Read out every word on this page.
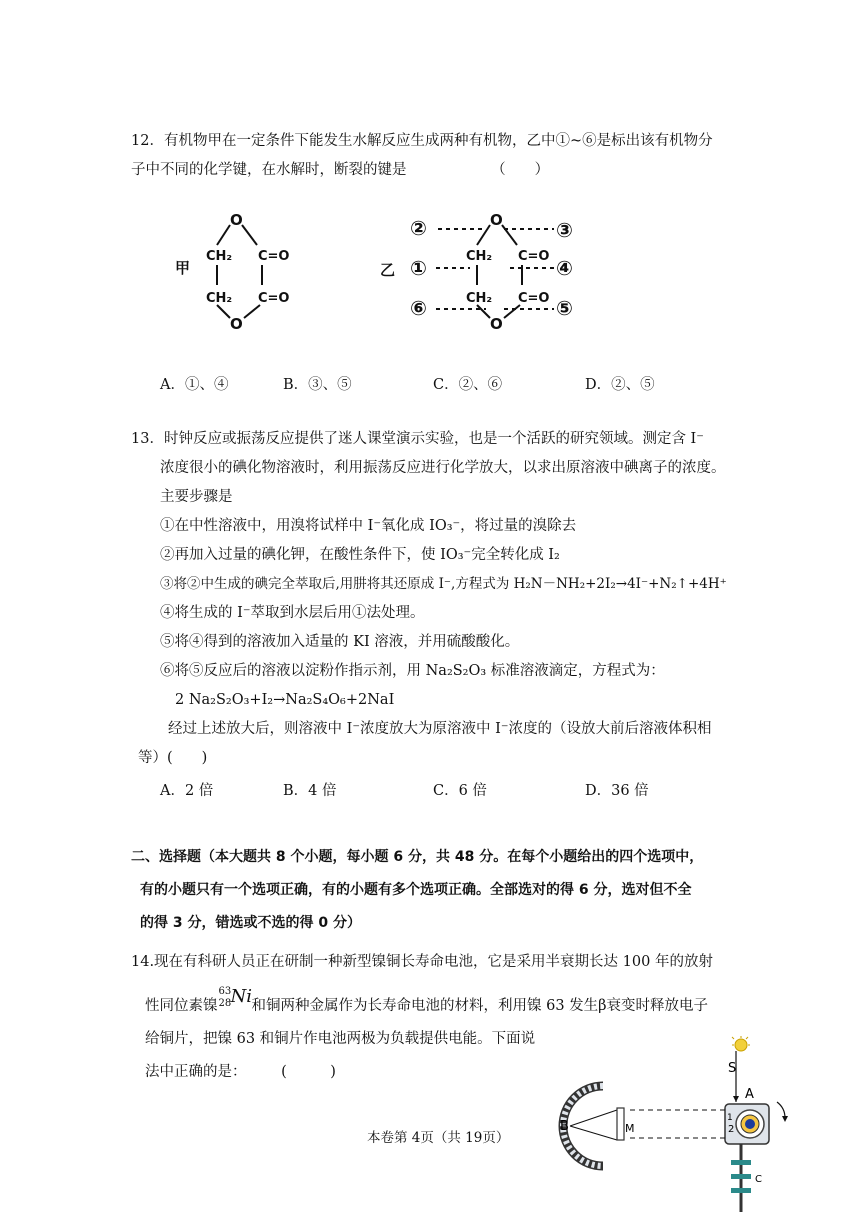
12．有机物甲在一定条件下能发生水解反应生成两种有机物，乙中①~⑥是标出该有机物分
子中不同的化学键，在水解时，断裂的键是	（　　）
甲
O
CH₂ C=O
CH₂ C=O
O
乙
O
CH₂ C=O
CH₂ C=O
O
②
①
⑥
③
④
⑤
A．①、④	B．③、⑤	C．②、⑥	D．②、⑤
13．时钟反应或振荡反应提供了迷人课堂演示实验，也是一个活跃的研究领域。测定含 I⁻
浓度很小的碘化物溶液时，利用振荡反应进行化学放大，以求出原溶液中碘离子的浓度。
主要步骤是
①在中性溶液中，用溴将试样中 I⁻氧化成 IO₃⁻，将过量的溴除去
②再加入过量的碘化钾，在酸性条件下，使 IO₃⁻完全转化成 I₂
③将②中生成的碘完全萃取后,用肼将其还原成 I⁻,方程式为 H₂N－NH₂+2I₂→4I⁻+N₂↑+4H⁺
④将生成的 I⁻萃取到水层后用①法处理。
⑤将④得到的溶液加入适量的 KI 溶液，并用硫酸酸化。
⑥将⑤反应后的溶液以淀粉作指示剂，用 Na₂S₂O₃ 标准溶液滴定，方程式为：
2 Na₂S₂O₃+I₂→Na₂S₄O₆+2NaI
经过上述放大后，则溶液中 I⁻浓度放大为原溶液中 I⁻浓度的（设放大前后溶液体积相
等）(　　)
A．2 倍	B．4 倍	C．6 倍	D．36 倍
二、选择题（本大题共 8 个小题，每小题 6 分，共 48 分。在每个小题给出的四个选项中，
有的小题只有一个选项正确，有的小题有多个选项正确。全部选对的得 6 分，选对但不全
的得 3 分，错选或不选的得 0 分）
14.现在有科研人员正在研制一种新型镍铜长寿命电池，它是采用半衰期长达 100 年的放射
性同位素镍
63
28 Ni 和铜两种金属作为长寿命电池的材料，利用镍 63 发生β衰变时释放电子
给铜片，把镍 63 和铜片作电池两极为负载提供电能。下面说
法中正确的是： (　　　)	S
A
1
2
B	M
C
本卷第 4页（共 19页）
